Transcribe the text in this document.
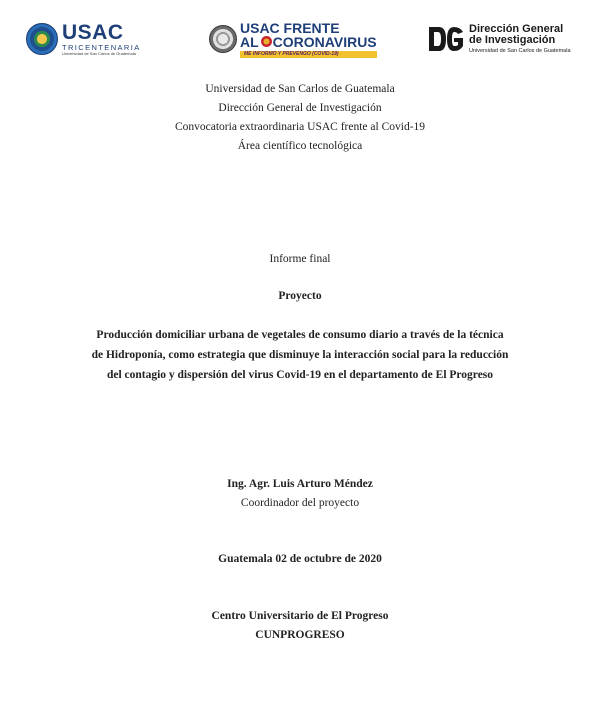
USAC
TRICENTENARIA
Universidad de San Carlos de Guatemala
USAC FRENTE
AL CORONAVIRUS
ME INFORMO Y PREVENGO (COVID-19)
Dirección General
de Investigación
Universidad de San Carlos de Guatemala
Universidad de San Carlos de Guatemala
Dirección General de Investigación
Convocatoria extraordinaria USAC frente al Covid-19
Área científico tecnológica
Informe final
Proyecto
Producción domiciliar urbana de vegetales de consumo diario a través de la técnica
de Hidroponía, como estrategia que disminuye la interacción social para la reducción
del contagio y dispersión del virus Covid-19 en el departamento de El Progreso
Ing. Agr. Luis Arturo Méndez
Coordinador del proyecto
Guatemala 02 de octubre de 2020
Centro Universitario de El Progreso
CUNPROGRESO
